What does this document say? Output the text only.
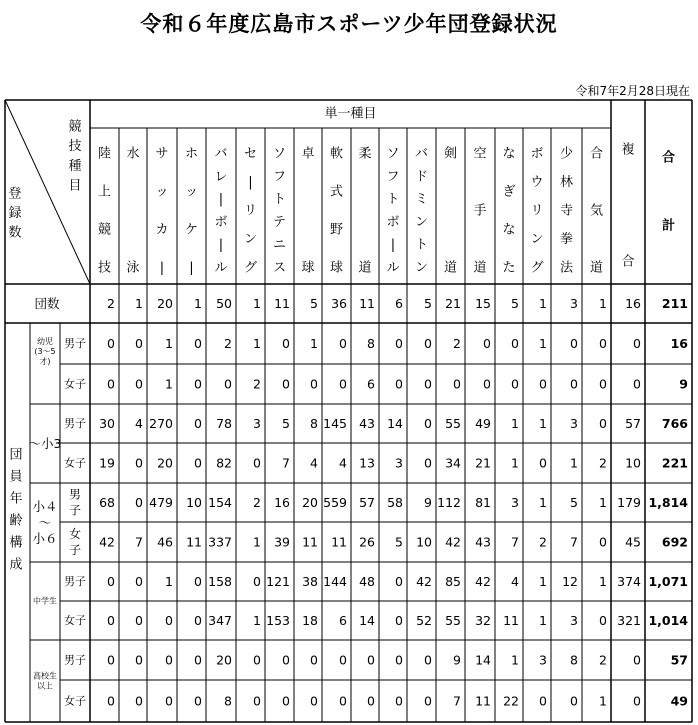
令和６年度広島市スポーツ少年団登録状況
令和7年2月28日現在
競
技
種
目
登
録
数
単一種目
陸
上
競
技
水
泳
サ
ッ
カ
|
ホ
ッ
ケ
|
バ
レ
|
ボ
|
ル
セ
|
リ
ン
グ
ソ
フ
ト
テ
ニ
ス
卓
球
軟
式
野
球
柔
道
ソ
フ
ト
ボ
|
ル
バ
ド
ミ
ン
ト
ン
剣
道
空
手
道
な
ぎ
な
た
ボ
ウ
リ
ン
グ
少
林
寺
拳
法
合
気
道
複
合
合
計
団数	2 1 20 1 50 1 11 5 36 11 6 5 21 15 5 1 3 1 16 211
団
員
年
齢
構
成
幼児
(3～5
才)
男子 0 0 1 0 2 1 0 1 0 8 0 0 2 0 0 1 0 0 0 16
女子 0 0 1 0 0 2 0 0 0 6 0 0 0 0 0 0 0 0 0	9
～小3
男子 30 4 270 0 78 3 5 8 145 43 14 0 55 49 1 1 3 0 57 766
女子 19 0 20 0 82 0 7 4 4 13 3 0 34 21 1 0 1 2 10 221
小４
～
小６
男
子
68 0 479 10 154 2 16 20 559 57 58 9 112 81 3 1 5 1 179 1,814
女
子
42 7 46 11 337 1 39 11 11 26 5 10 42 43 7 2 7 0 45 692
中学生
男子 0 0 1 0 158 0 121 38 144 48 0 42 85 42 4 1 12 1 374 1,071
女子 0 0 0 0 347 1 153 18 6 14 0 52 55 32 11 1 3 0 321 1,014
高校生
以上
男子 0 0 0 0 20 0 0 0 0 0 0 0 9 14 1 3 8 2 0 57
女子 0 0 0 0 8 0 0 0 0 0 0 0 7 11 22 0 0 1 0 49
